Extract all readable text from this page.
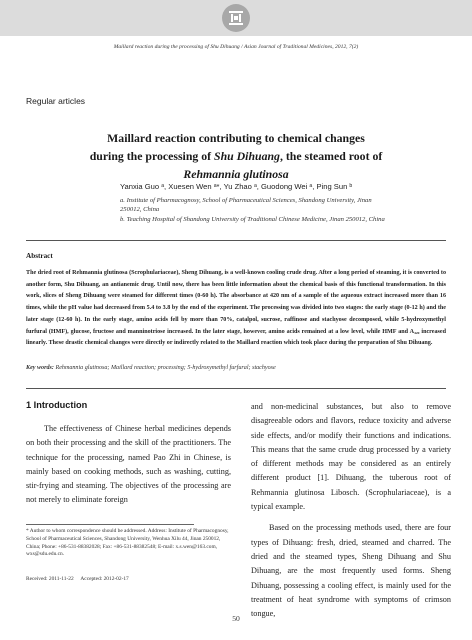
Maillard reaction during the processing of Shu Dihuang / Asian Journal of Traditional Medicines, 2012, 7(2)
Regular articles
Maillard reaction contributing to chemical changes
during the processing of Shu Dihuang, the steamed root of
Rehmannia glutinosa
Yanxia Guo ᵃ, Xuesen Wen ᵃ*, Yu Zhao ᵃ, Guodong Wei ᵃ, Ping Sun ᵇ
a. Institute of Pharmacognosy, School of Pharmaceutical Sciences, Shandong University, Jinan 250012, China
b. Teaching Hospital of Shandong University of Traditional Chinese Medicine, Jinan 250012, China
Abstract

The dried root of Rehmannia glutinosa (Scrophulariaceae), Sheng Dihuang, is a well-known cooling crude drug. After a long period of steaming, it is converted to another form, Shu Dihuang, an antianemic drug. Until now, there has been little information about the chemical basis of this functional transformation. In this work, slices of Sheng Dihuang were steamed for different times (0-60 h). The absorbance at 420 nm of a sample of the aqueous extract increased more than 16 times, while the pH value had decreased from 5.4 to 3.8 by the end of the experiment. The processing was divided into two stages: the early stage (0-12 h) and the later stage (12-60 h). In the early stage, amino acids fell by more than 70%, catalpol, sucrose, raffinose and stachyose decomposed, while 5-hydroxymethyl furfural (HMF), glucose, fructose and manninotriose increased. In the later stage, however, amino acids remained at a low level, while HMF and A₄₂₀ increased linearly. These drastic chemical changes were directly or indirectly related to the Maillard reaction which took place during the preparation of Shu Dihuang.

Key words: Rehmannia glutinosa; Maillard reaction; processing; 5-hydroxymethyl furfural; stachyose

1 Introduction

The effectiveness of Chinese herbal medicines depends on both their processing and the skill of the practitioners. The technique for the processing, named Pao Zhi in Chinese, is mainly based on cooking methods, such as washing, cutting, stir-frying and steaming. The objectives of the processing are not merely to eliminate foreign

and non-medicinal substances, but also to remove disagreeable odors and flavors, reduce toxicity and adverse side effects, and/or modify their functions and indications. This means that the same crude drug processed by a variety of different methods may be considered as an entirely different product [1]. Dihuang, the tuberous root of Rehmannia glutinosa Libosch. (Scrophulariaceae), is a typical example.

Based on the processing methods used, there are four types of Dihuang: fresh, dried, steamed and charred. The dried and the steamed types, Sheng Dihuang and Shu Dihuang, are the most frequently used forms. Sheng Dihuang, possessing a cooling effect, is mainly used for the treatment of heat syndrome with symptoms of crimson tongue,

* Author to whom correspondence should be addressed. Address: Institute of Pharmacognosy, School of Pharmaceutical Sciences, Shandong University, Wenhua Xilu 44, Jinan 250012, China; Phone: +86-531-88382028; Fax: +86-531-88382548; E-mail: x.s.wen@163.com, wxs@sdu.edu.cn.
Received: 2011-11-22 Accepted: 2012-02-17
50
